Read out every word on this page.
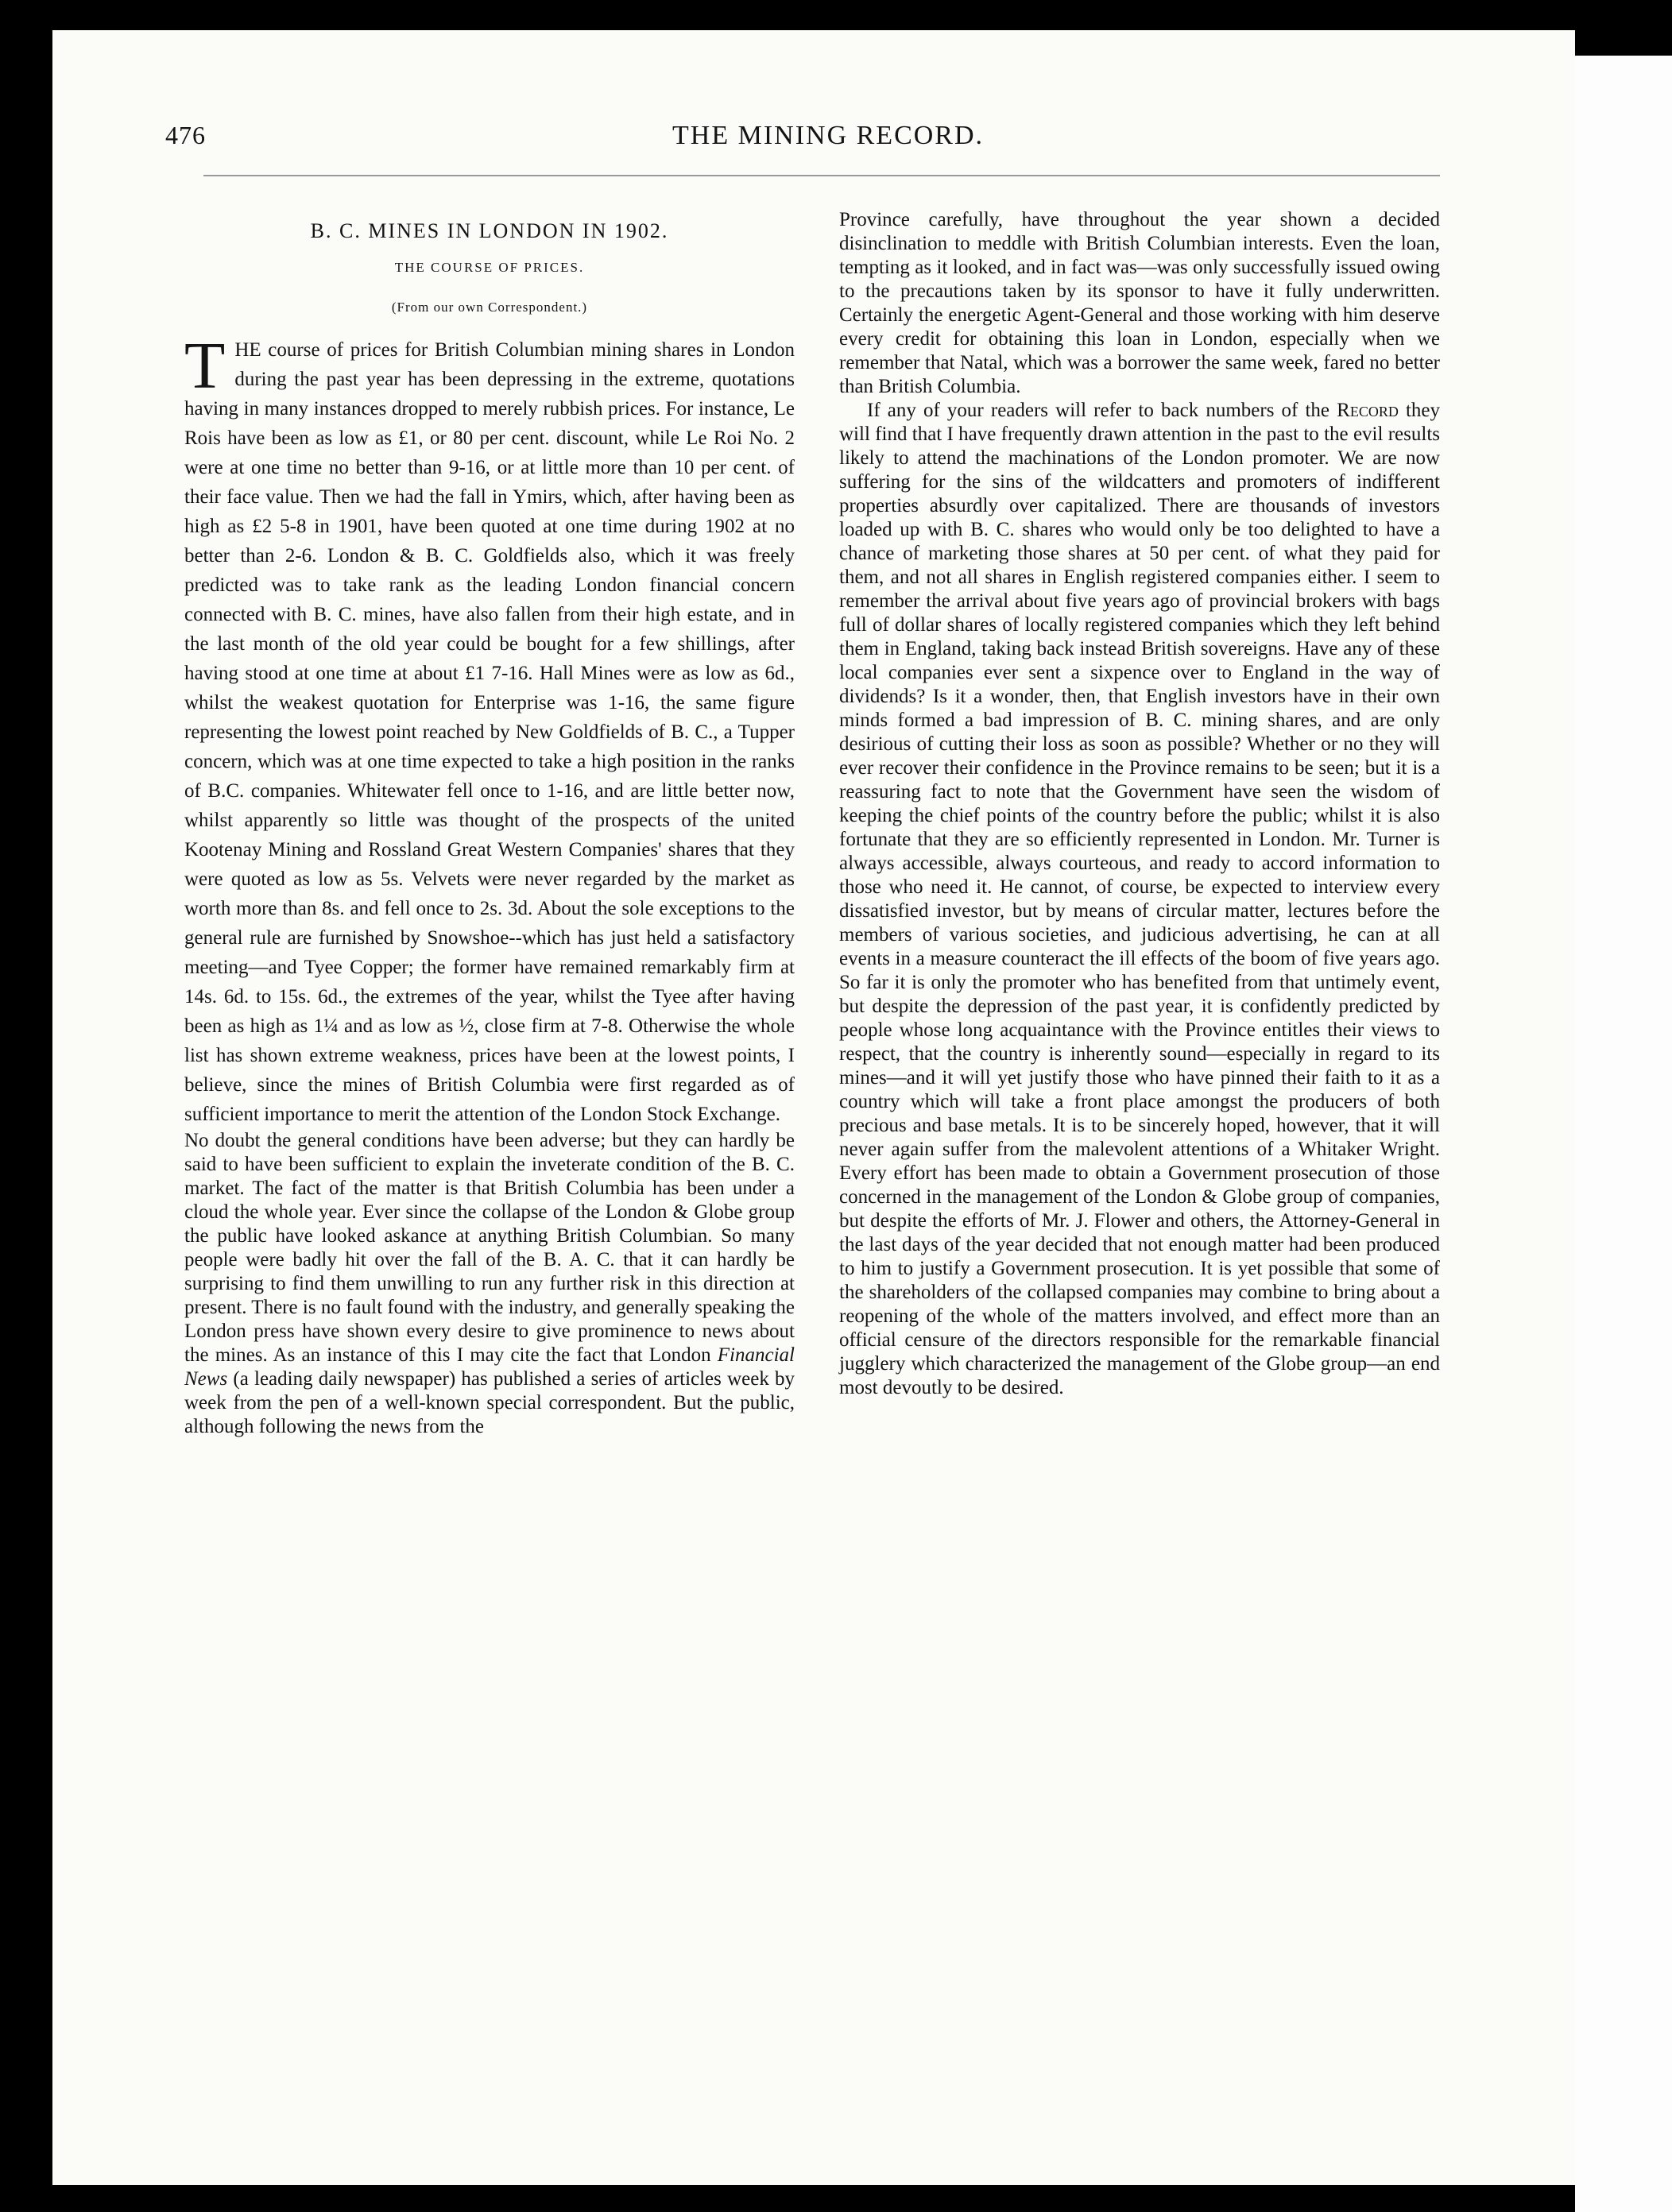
476	THE MINING RECORD.
B. C. MINES IN LONDON IN 1902.
THE COURSE OF PRICES.
(From our own Correspondent.)

THE course of prices for British Columbian mining shares in London during the past year has been depressing in the extreme, quotations having in many instances dropped to merely rubbish prices. For instance, Le Rois have been as low as £1, or 80 per cent. discount, while Le Roi No. 2 were at one time no better than 9-16, or at little more than 10 per cent. of their face value. Then we had the fall in Ymirs, which, after having been as high as £2 5-8 in 1901, have been quoted at one time during 1902 at no better than 2-6. London & B. C. Goldfields also, which it was freely predicted was to take rank as the leading London financial concern connected with B. C. mines, have also fallen from their high estate, and in the last month of the old year could be bought for a few shillings, after having stood at one time at about £1 7-16. Hall Mines were as low as 6d., whilst the weakest quotation for Enterprise was 1-16, the same figure representing the lowest point reached by New Goldfields of B. C., a Tupper concern, which was at one time expected to take a high position in the ranks of B.C. companies. Whitewater fell once to 1-16, and are little better now, whilst apparently so little was thought of the prospects of the united Kootenay Mining and Rossland Great Western Companies' shares that they were quoted as low as 5s. Velvets were never regarded by the market as worth more than 8s. and fell once to 2s. 3d. About the sole exceptions to the general rule are furnished by Snowshoe--which has just held a satisfactory meeting—and Tyee Copper; the former have remained remarkably firm at 14s. 6d. to 15s. 6d., the extremes of the year, whilst the Tyee after having been as high as 1¼ and as low as ½, close firm at 7-8. Otherwise the whole list has shown extreme weakness, prices have been at the lowest points, I believe, since the mines of British Columbia were first regarded as of sufficient importance to merit the attention of the London Stock Exchange.

No doubt the general conditions have been adverse; but they can hardly be said to have been sufficient to explain the inveterate condition of the B. C. market. The fact of the matter is that British Columbia has been under a cloud the whole year. Ever since the collapse of the London & Globe group the public have looked askance at anything British Columbian. So many people were badly hit over the fall of the B. A. C. that it can hardly be surprising to find them unwilling to run any further risk in this direction at present. There is no fault found with the industry, and generally speaking the London press have shown every desire to give prominence to news about the mines. As an instance of this I may cite the fact that London Financial News (a leading daily newspaper) has published a series of articles week by week from the pen of a well-known special correspondent. But the public, although following the news from the

Province carefully, have throughout the year shown a decided disinclination to meddle with British Columbian interests. Even the loan, tempting as it looked, and in fact was—was only successfully issued owing to the precautions taken by its sponsor to have it fully underwritten. Certainly the energetic Agent-General and those working with him deserve every credit for obtaining this loan in London, especially when we remember that Natal, which was a borrower the same week, fared no better than British Columbia.

If any of your readers will refer to back numbers of the Record they will find that I have frequently drawn attention in the past to the evil results likely to attend the machinations of the London promoter. We are now suffering for the sins of the wildcatters and promoters of indifferent properties absurdly over capitalized. There are thousands of investors loaded up with B. C. shares who would only be too delighted to have a chance of marketing those shares at 50 per cent. of what they paid for them, and not all shares in English registered companies either. I seem to remember the arrival about five years ago of provincial brokers with bags full of dollar shares of locally registered companies which they left behind them in England, taking back instead British sovereigns. Have any of these local companies ever sent a sixpence over to England in the way of dividends? Is it a wonder, then, that English investors have in their own minds formed a bad impression of B. C. mining shares, and are only desirious of cutting their loss as soon as possible? Whether or no they will ever recover their confidence in the Province remains to be seen; but it is a reassuring fact to note that the Government have seen the wisdom of keeping the chief points of the country before the public; whilst it is also fortunate that they are so efficiently represented in London. Mr. Turner is always accessible, always courteous, and ready to accord information to those who need it. He cannot, of course, be expected to interview every dissatisfied investor, but by means of circular matter, lectures before the members of various societies, and judicious advertising, he can at all events in a measure counteract the ill effects of the boom of five years ago. So far it is only the promoter who has benefited from that untimely event, but despite the depression of the past year, it is confidently predicted by people whose long acquaintance with the Province entitles their views to respect, that the country is inherently sound—especially in regard to its mines—and it will yet justify those who have pinned their faith to it as a country which will take a front place amongst the producers of both precious and base metals. It is to be sincerely hoped, however, that it will never again suffer from the malevolent attentions of a Whitaker Wright. Every effort has been made to obtain a Government prosecution of those concerned in the management of the London & Globe group of companies, but despite the efforts of Mr. J. Flower and others, the Attorney-General in the last days of the year decided that not enough matter had been produced to him to justify a Government prosecution. It is yet possible that some of the shareholders of the collapsed companies may combine to bring about a reopening of the whole of the matters involved, and effect more than an official censure of the directors responsible for the remarkable financial jugglery which characterized the management of the Globe group—an end most devoutly to be desired.
